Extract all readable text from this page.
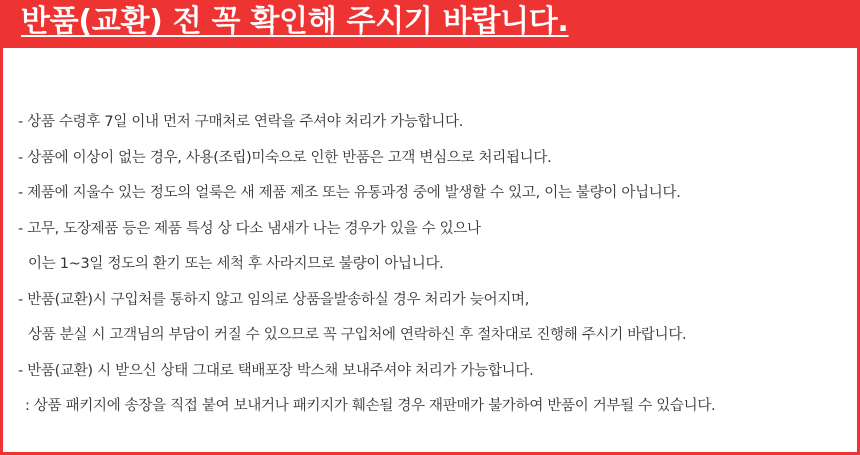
반품(교환) 전 꼭 확인해 주시기 바랍니다.
- 상품 수령후 7일 이내 먼저 구매처로 연락을 주셔야 처리가 가능합니다.
- 상품에 이상이 없는 경우, 사용(조립)미숙으로 인한 반품은 고객 변심으로 처리됩니다.
- 제품에 지울수 있는 정도의 얼룩은 새 제품 제조 또는 유통과정 중에 발생할 수 있고, 이는 불량이 아닙니다.
- 고무, 도장제품 등은 제품 특성 상 다소 냄새가 나는 경우가 있을 수 있으나
이는 1~3일 정도의 환기 또는 세척 후 사라지므로 불량이 아닙니다.
- 반품(교환)시 구입처를 통하지 않고 임의로 상품을발송하실 경우 처리가 늦어지며,
상품 분실 시 고객님의 부담이 커질 수 있으므로 꼭 구입처에 연락하신 후 절차대로 진행해 주시기 바랍니다.
- 반품(교환) 시 받으신 상태 그대로 택배포장 박스채 보내주셔야 처리가 가능합니다.
: 상품 패키지에 송장을 직접 붙여 보내거나 패키지가 훼손될 경우 재판매가 불가하여 반품이 거부될 수 있습니다.
